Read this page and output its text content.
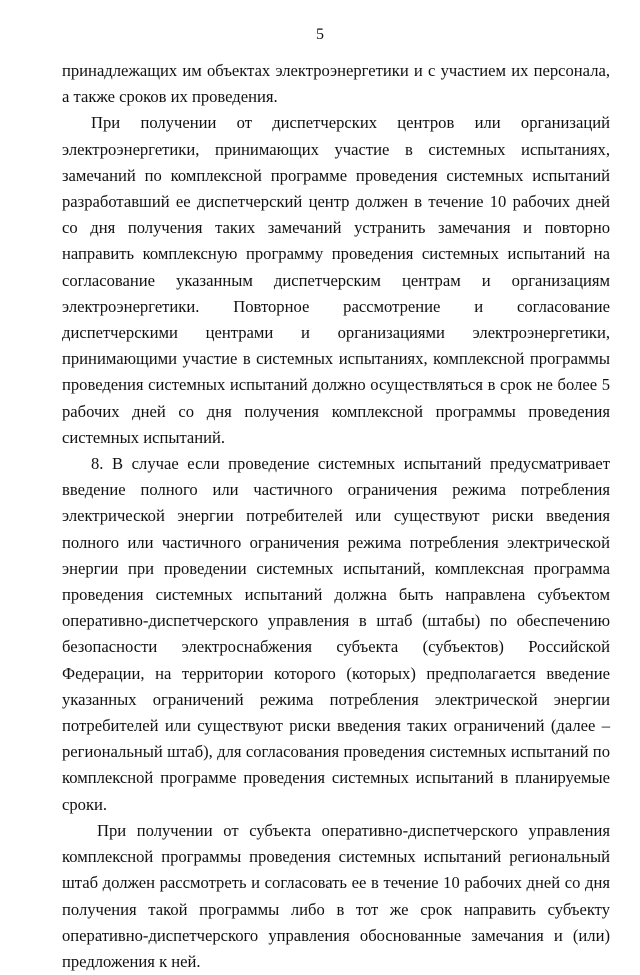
5

принадлежащих им объектах электроэнергетики и с участием их персонала, а также сроков их проведения.

При получении от диспетчерских центров или организаций электроэнергетики, принимающих участие в системных испытаниях, замечаний по комплексной программе проведения системных испытаний разработавший ее диспетчерский центр должен в течение 10 рабочих дней со дня получения таких замечаний устранить замечания и повторно направить комплексную программу проведения системных испытаний на согласование указанным диспетчерским центрам и организациям электроэнергетики. Повторное рассмотрение и согласование диспетчерскими центрами и организациями электроэнергетики, принимающими участие в системных испытаниях, комплексной программы проведения системных испытаний должно осуществляться в срок не более 5 рабочих дней со дня получения комплексной программы проведения системных испытаний.

8. В случае если проведение системных испытаний предусматривает введение полного или частичного ограничения режима потребления электрической энергии потребителей или существуют риски введения полного или частичного ограничения режима потребления электрической энергии при проведении системных испытаний, комплексная программа проведения системных испытаний должна быть направлена субъектом оперативно-диспетчерского управления в штаб (штабы) по обеспечению безопасности электроснабжения субъекта (субъектов) Российской Федерации, на территории которого (которых) предполагается введение указанных ограничений режима потребления электрической энергии потребителей или существуют риски введения таких ограничений (далее – региональный штаб), для согласования проведения системных испытаний по комплексной программе проведения системных испытаний в планируемые сроки.

При получении от субъекта оперативно-диспетчерского управления комплексной программы проведения системных испытаний региональный штаб должен рассмотреть и согласовать ее в течение 10 рабочих дней со дня получения такой программы либо в тот же срок направить субъекту оперативно-диспетчерского управления обоснованные замечания и (или) предложения к ней.
